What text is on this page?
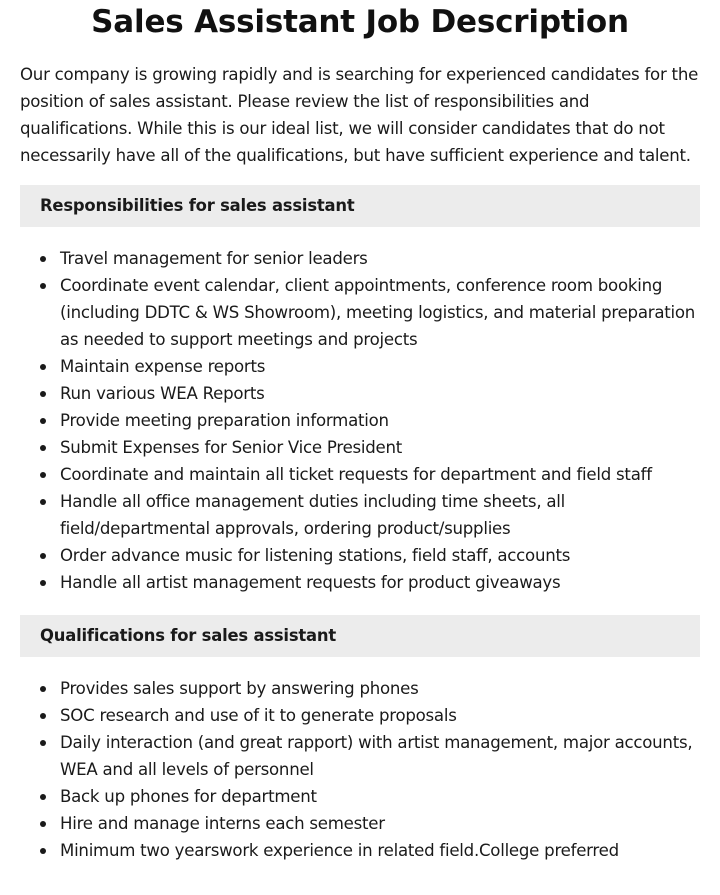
Sales Assistant Job Description

Our company is growing rapidly and is searching for experienced candidates for the position of sales assistant. Please review the list of responsibilities and qualifications. While this is our ideal list, we will consider candidates that do not necessarily have all of the qualifications, but have sufficient experience and talent.

Responsibilities for sales assistant
Travel management for senior leaders
Coordinate event calendar, client appointments, conference room booking (including DDTC & WS Showroom), meeting logistics, and material preparation as needed to support meetings and projects
Maintain expense reports
Run various WEA Reports
Provide meeting preparation information
Submit Expenses for Senior Vice President
Coordinate and maintain all ticket requests for department and field staff
Handle all office management duties including time sheets, all field/departmental approvals, ordering product/supplies
Order advance music for listening stations, field staff, accounts
Handle all artist management requests for product giveaways
Qualifications for sales assistant
Provides sales support by answering phones
SOC research and use of it to generate proposals
Daily interaction (and great rapport) with artist management, major accounts, WEA and all levels of personnel
Back up phones for department
Hire and manage interns each semester
Minimum two yearswork experience in related field.College preferred
